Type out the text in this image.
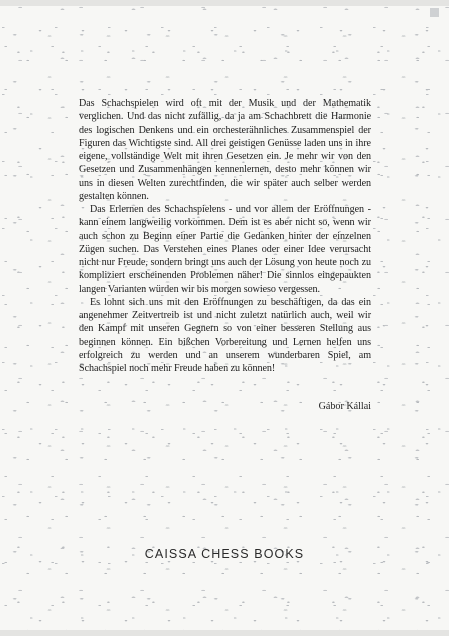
Das Schachspielen wird oft mit der Musik und der Mathematik verglichen. Und das nicht zufällig, da ja am Schachbrett die Harmonie des logischen Denkens und ein orchesterähnliches Zusammenspiel der Figuren das Wichtigste sind. All drei geistigen Genüsse laden uns in ihre eigene, vollständige Welt mit ihren Gesetzen ein. Je mehr wir von den Gesetzen und Zusammenhängen kennenlernen, desto mehr können wir uns in diesen Welten zurechtfinden, die wir später auch selber werden gestalten können.

Das Erlernen des Schachspielens - und vor allem der Eröffnungen - kann einem langweilig vorkommen. Dem ist es aber nicht so, wenn wir auch schon zu Beginn einer Partie die Gedanken hinter der einzelnen Zügen suchen. Das Verstehen eines Planes oder einer Idee verursacht nicht nur Freude, sondern bringt uns auch der Lösung von heute noch zu kompliziert erscheinenden Problemen näher! Die sinnlos eingepaukten langen Varianten würden wir bis morgen sowieso vergessen.

Es lohnt sich uns mit den Eröffnungen zu beschäftigen, da das ein angenehmer Zeitvertreib ist und nicht zuletzt natürlich auch, weil wir den Kampf mit unseren Gegnern so von einer besseren Stellung aus beginnen können. Ein bißchen Vorbereitung und Lernen helfen uns erfolgreich zu werden und an unserem wunderbaren Spiel, am Schachspiel noch mehr Freude haben zu können!

Gábor Kállai
CAISSA CHESS BOOKS
